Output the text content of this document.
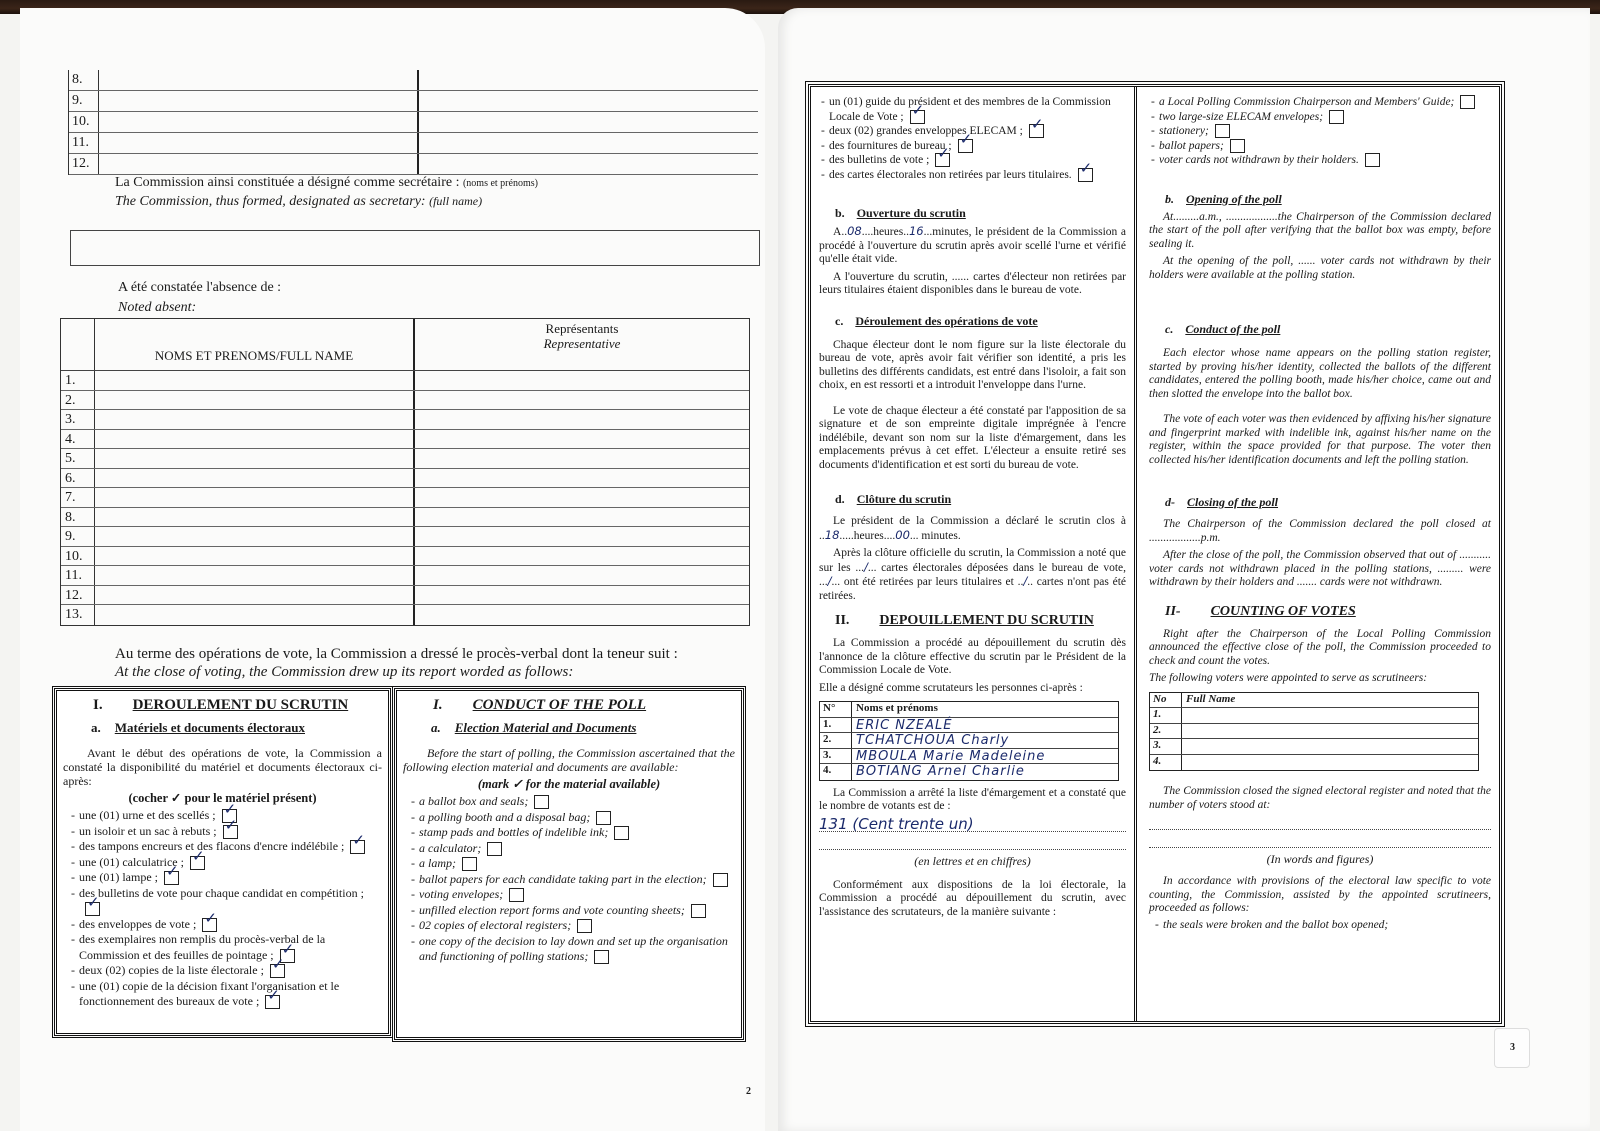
8.
9.
10.
11.
12.
La Commission ainsi constituée a désigné comme secrétaire : (noms et prénoms)
The Commission, thus formed, designated as secretary: (full name)
A été constatée l'absence de :
Noted absent:
NOMS ET PRENOMS/FULL NAME
Représentants
Representative
1.
2.
3.
4.
5.
6.
7.
8.
9.
10.
11.
12.
13.
Au terme des opérations de vote, la Commission a dressé le procès-verbal dont la teneur suit :
At the close of voting, the Commission drew up its report worded as follows:
I. DEROULEMENT DU SCRUTIN
a. Matériels et documents électoraux
Avant le début des opérations de vote, la Commission a constaté la disponibilité du matériel et documents électoraux ci-après:
(cocher ✓ pour le matériel présent)
- une (01) urne et des scellés ;✓
- un isoloir et un sac à rebuts ;✓
- des tampons encreurs et des flacons d'encre indélébile ;✓
- une (01) calculatrice ;✓
- une (01) lampe ;✓
- des bulletins de vote pour chaque candidat en compétition ;✓
- des enveloppes de vote ;✓
- des exemplaires non remplis du procès-verbal de la Commission et des feuilles de pointage ;✓
- deux (02) copies de la liste électorale ;✓
- une (01) copie de la décision fixant l'organisation et le fonctionnement des bureaux de vote ;✓
I. CONDUCT OF THE POLL
a. Election Material and Documents
Before the start of polling, the Commission ascertained that the following election material and documents are available:
(mark ✓ for the material available)
- a ballot box and seals;
- a polling booth and a disposal bag;
- stamp pads and bottles of indelible ink;
- a calculator;
- a lamp;
- ballot papers for each candidate taking part in the election;
- voting envelopes;
- unfilled election report forms and vote counting sheets;
- 02 copies of electoral registers;
- one copy of the decision to lay down and set up the organisation and functioning of polling stations;
2
- un (01) guide du président et des membres de la Commission Locale de Vote ;✓
- deux (02) grandes enveloppes ELECAM ;✓
- des fournitures de bureau ;✓
- des bulletins de vote ;✓
- des cartes électorales non retirées par leurs titulaires.✓
b. Ouverture du scrutin
A..08....heures..16...minutes, le président de la Commission a procédé à l'ouverture du scrutin après avoir scellé l'urne et vérifié qu'elle était vide.
A l'ouverture du scrutin, ...... cartes d'électeur non retirées par leurs titulaires étaient disponibles dans le bureau de vote.
c. Déroulement des opérations de vote
Chaque électeur dont le nom figure sur la liste électorale du bureau de vote, après avoir fait vérifier son identité, a pris les bulletins des différents candidats, est entré dans l'isoloir, a fait son choix, en est ressorti et a introduit l'enveloppe dans l'urne.
Le vote de chaque électeur a été constaté par l'apposition de sa signature et de son empreinte digitale imprégnée à l'encre indélébile, devant son nom sur la liste d'émargement, dans les emplacements prévus à cet effet. L'électeur a ensuite retiré ses documents d'identification et est sorti du bureau de vote.
d. Clôture du scrutin
Le président de la Commission a déclaré le scrutin clos à ..18.....heures....00... minutes.
Après la clôture officielle du scrutin, la Commission a noté que sur les .../... cartes électorales déposées dans le bureau de vote, .../... ont été retirées par leurs titulaires et ../.. cartes n'ont pas été retirées.
II. DEPOUILLEMENT DU SCRUTIN
La Commission a procédé au dépouillement du scrutin dès l'annonce de la clôture effective du scrutin par le Président de la Commission Locale de Vote.
Elle a désigné comme scrutateurs les personnes ci-après :
N°	Noms et prénoms
1.	ERIC NZEALÉ
2.	TCHATCHOUA Charly
3.	MBOULA Marie Madeleine
4.	BOTIANG Arnel Charlie
La Commission a arrêté la liste d'émargement et a constaté que le nombre de votants est de :
131 (Cent trente un)
(en lettres et en chiffres)
Conformément aux dispositions de la loi électorale, la Commission a procédé au dépouillement du scrutin, avec l'assistance des scrutateurs, de la manière suivante :
- a Local Polling Commission Chairperson and Members' Guide;
- two large-size ELECAM envelopes;
- stationery;
- ballot papers;
- voter cards not withdrawn by their holders.
b. Opening of the poll
At.........a.m., ..................the Chairperson of the Commission declared the start of the poll after verifying that the ballot box was empty, before sealing it.
At the opening of the poll, ...... voter cards not withdrawn by their holders were available at the polling station.
c. Conduct of the poll
Each elector whose name appears on the polling station register, started by proving his/her identity, collected the ballots of the different candidates, entered the polling booth, made his/her choice, came out and then slotted the envelope into the ballot box.
The vote of each voter was then evidenced by affixing his/her signature and fingerprint marked with indelible ink, against his/her name on the register, within the space provided for that purpose. The voter then collected his/her identification documents and left the polling station.
d- Closing of the poll
The Chairperson of the Commission declared the poll closed at ..................p.m.
After the close of the poll, the Commission observed that out of ........... voter cards not withdrawn placed in the polling stations, ......... were withdrawn by their holders and ....... cards were not withdrawn.
II- COUNTING OF VOTES
Right after the Chairperson of the Local Polling Commission announced the effective close of the poll, the Commission proceeded to check and count the votes.
The following voters were appointed to serve as scrutineers:
No	Full Name
1.
2.
3.
4.
The Commission closed the signed electoral register and noted that the number of voters stood at:
(In words and figures)
In accordance with provisions of the electoral law specific to vote counting, the Commission, assisted by the appointed scrutineers, proceeded as follows:
- the seals were broken and the ballot box opened;
3
